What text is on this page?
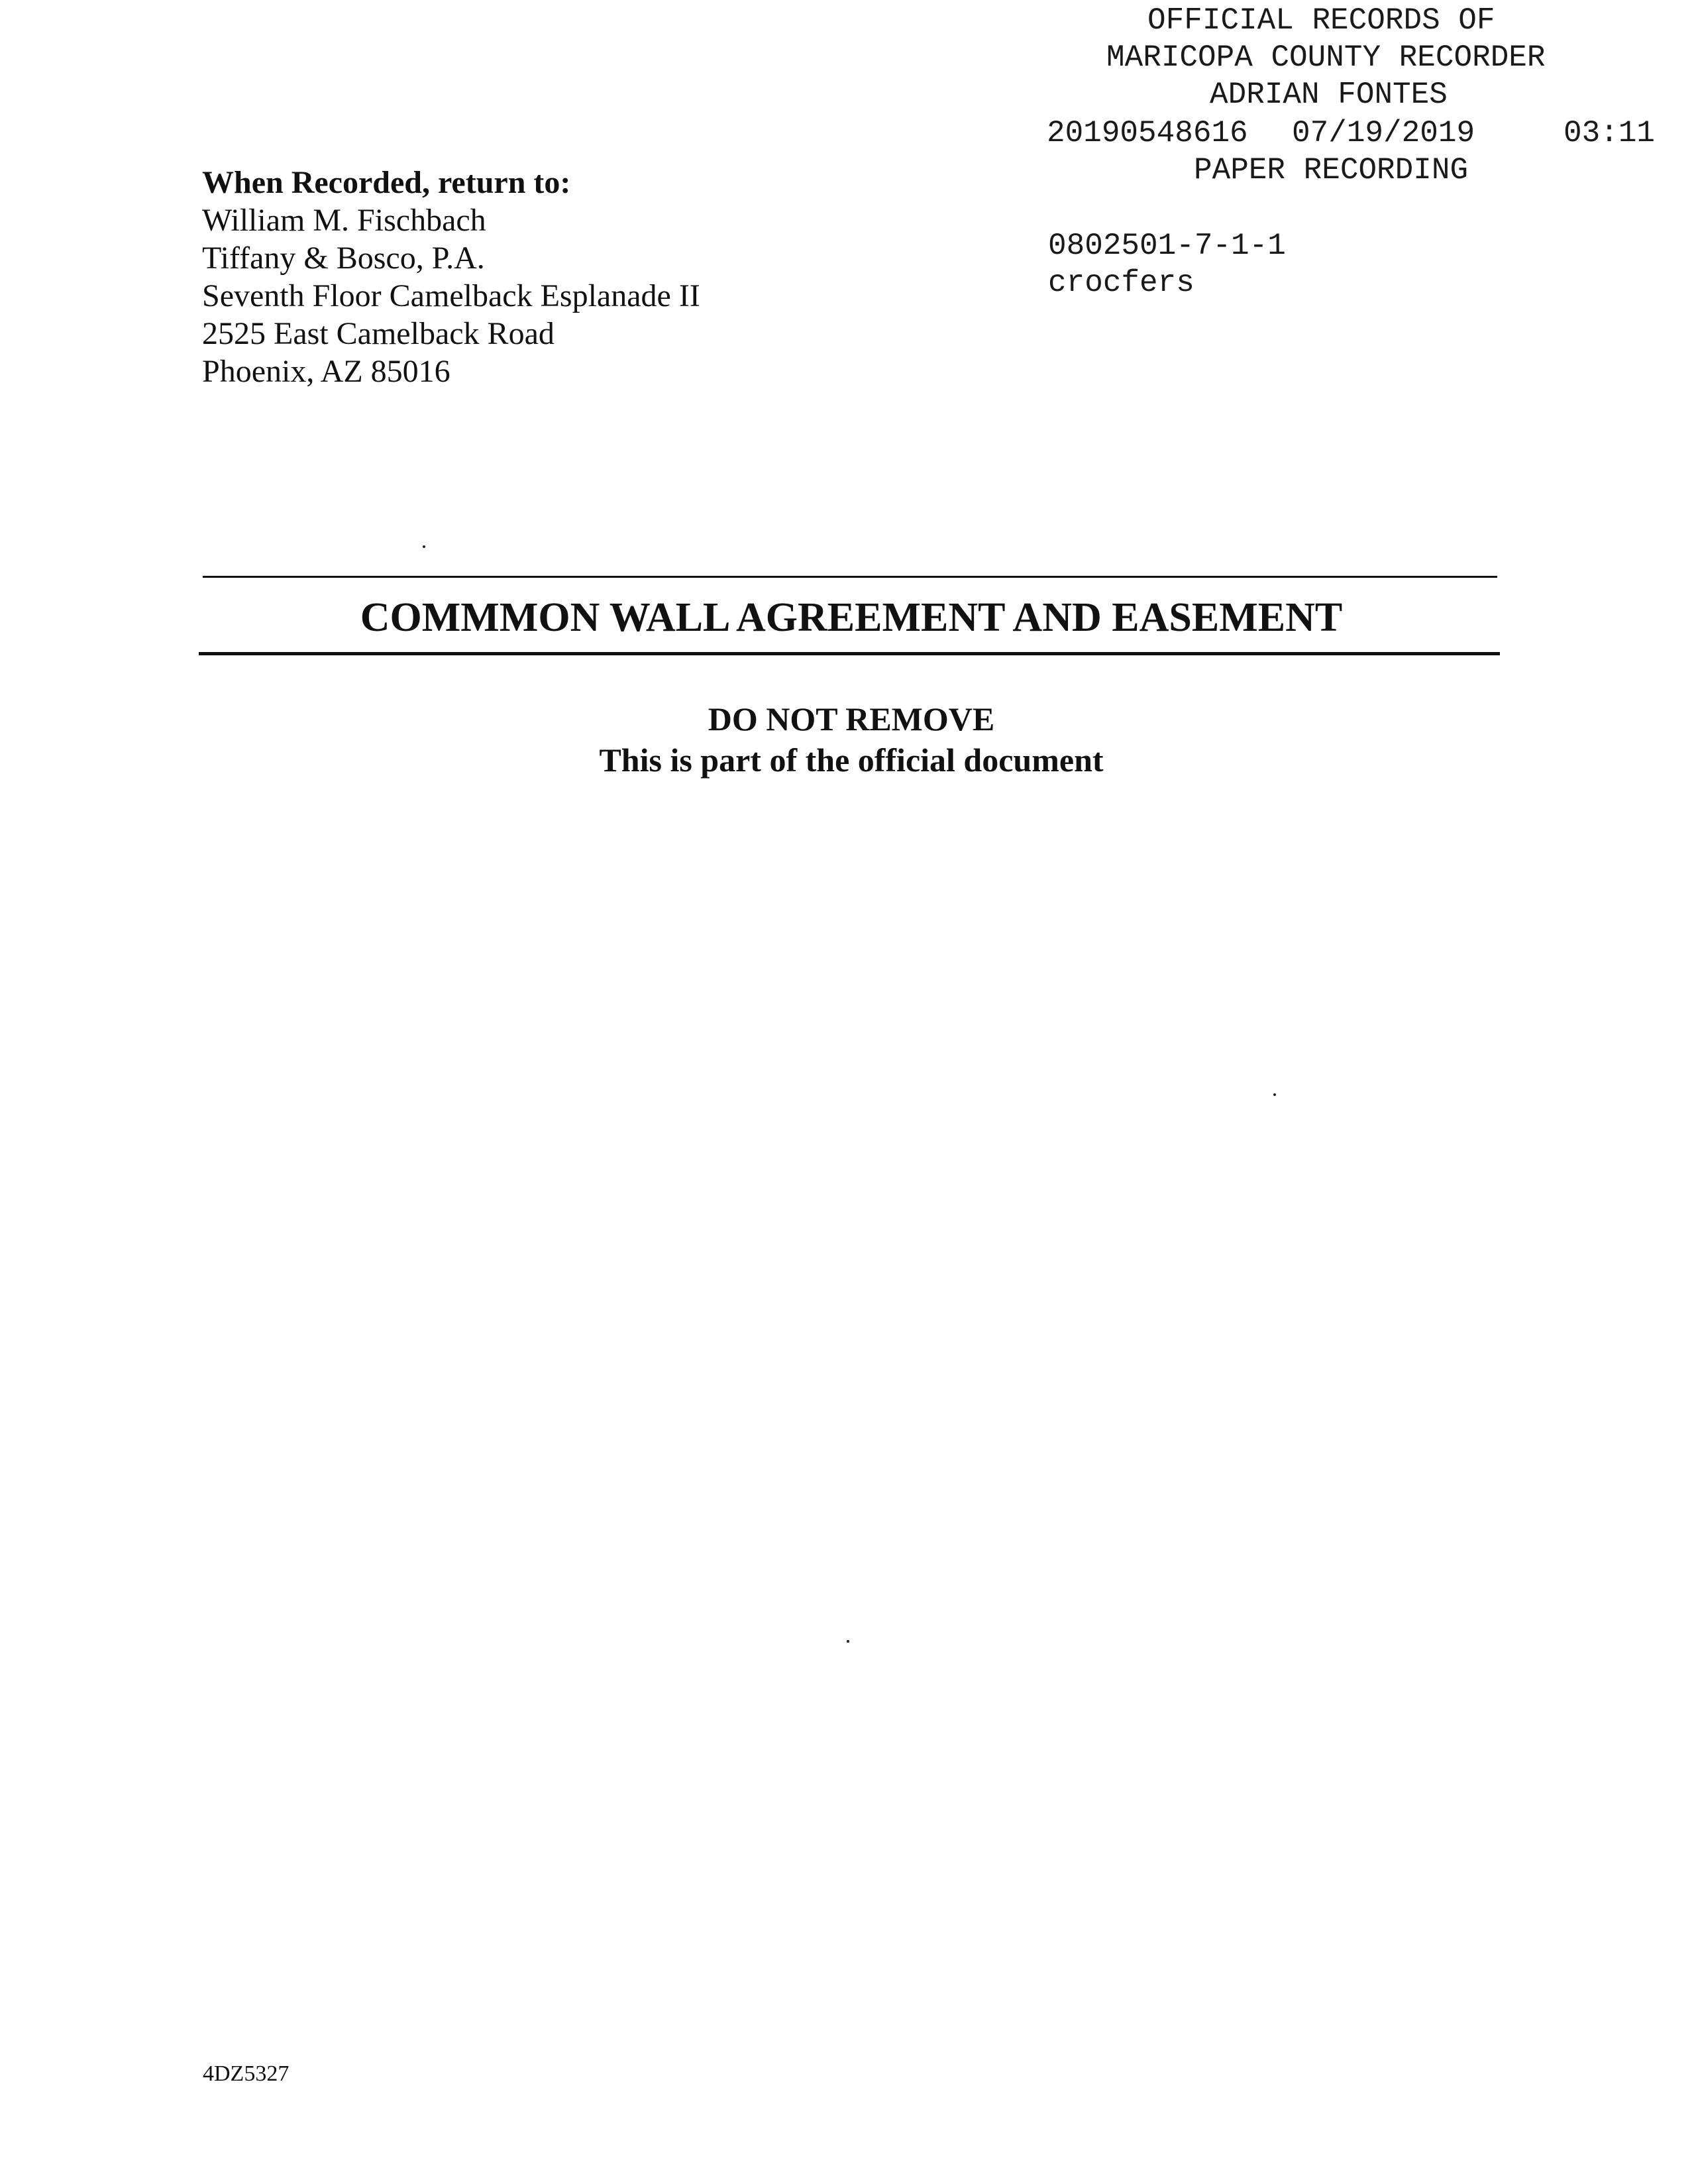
OFFICIAL RECORDS OF

MARICOPA COUNTY RECORDER

ADRIAN FONTES

20190548616

07/19/2019

	03:11

PAPER RECORDING

0802501-7-1-1

crocfers

When Recorded, return to:
William M. Fischbach
Tiffany & Bosco, P.A.
Seventh Floor Camelback Esplanade II
2525 East Camelback Road
Phoenix, AZ 85016
COMMMON WALL AGREEMENT AND EASEMENT
DO NOT REMOVE
This is part of the official document
4DZ5327
